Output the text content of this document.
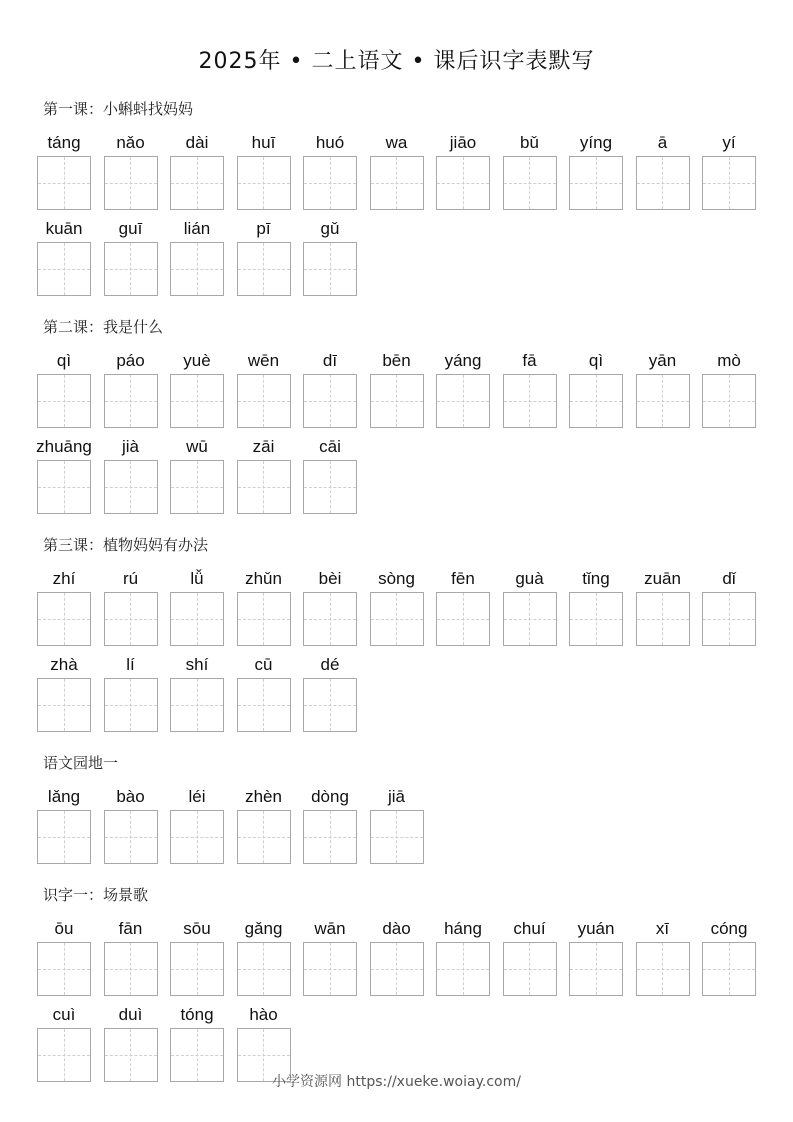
2025年 • 二上语文 • 课后识字表默写
第一课：小蝌蚪找妈妈
táng	nǎo	dài	huī	huó	wa	jiāo	bǔ	yíng	ā	yí
kuān	guī	lián	pī	gǔ
第二课：我是什么
qì	páo	yuè	wēn	dī	bēn	yáng	fā	qì	yān	mò
zhuāng	jià	wū	zāi	cāi
第三课：植物妈妈有办法
zhí	rú	lǚ	zhǔn	bèi	sòng	fēn	guà	tǐng	zuān	dǐ
zhà	lí	shí	cū	dé
语文园地一
lǎng	bào	léi	zhèn	dòng	jiā
识字一：场景歌
ōu	fān	sōu	gǎng	wān	dào	háng	chuí	yuán	xī	cóng
cuì	duì	tóng	hào
小学资源网 https://xueke.woiay.com/
